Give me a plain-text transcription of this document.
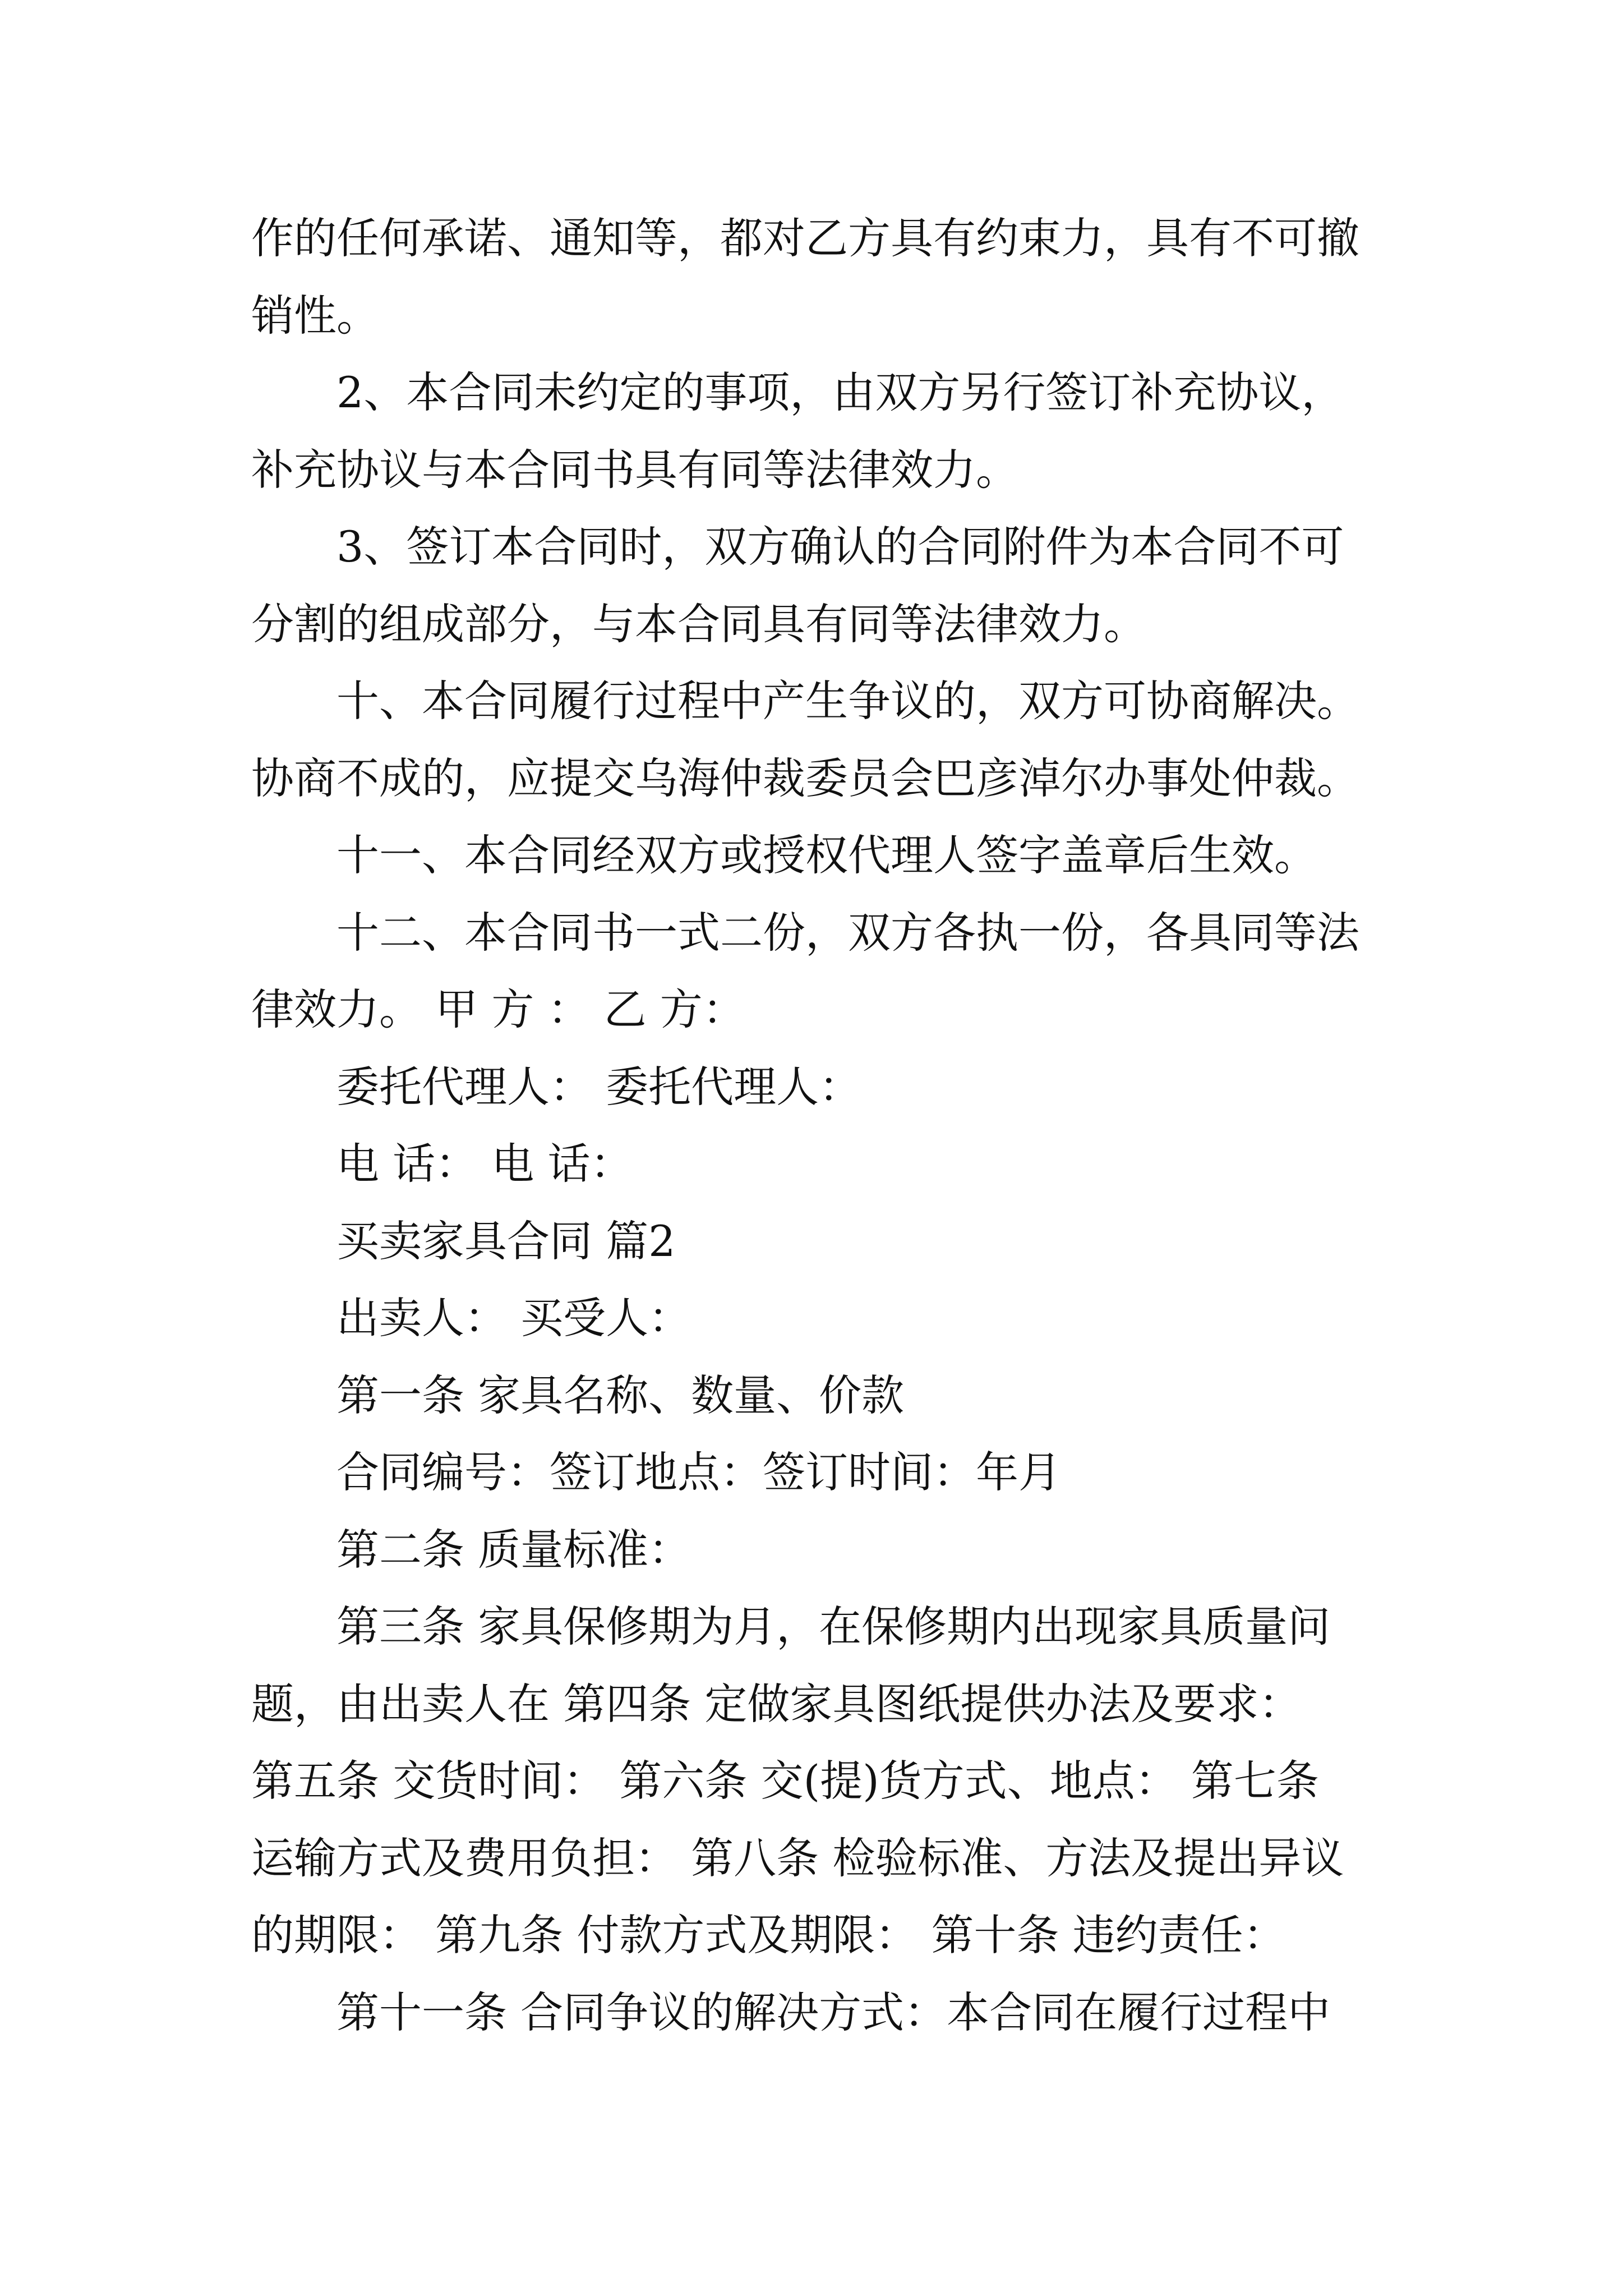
作的任何承诺、通知等，都对乙方具有约束力，具有不可撤
销性。
2、本合同未约定的事项，由双方另行签订补充协议，
补充协议与本合同书具有同等法律效力。
3、签订本合同时，双方确认的合同附件为本合同不可
分割的组成部分，与本合同具有同等法律效力。
十、本合同履行过程中产生争议的，双方可协商解决。
协商不成的，应提交乌海仲裁委员会巴彦淖尔办事处仲裁。
十一、本合同经双方或授权代理人签字盖章后生效。
十二、本合同书一式二份，双方各执一份，各具同等法
律效力。 甲 方 ： 乙 方：
委托代理人： 委托代理人：
电 话： 电 话：
买卖家具合同 篇2
出卖人： 买受人：
第一条 家具名称、数量、价款
合同编号：签订地点：签订时间：年月
第二条 质量标准：
第三条 家具保修期为月，在保修期内出现家具质量问
题，由出卖人在 第四条 定做家具图纸提供办法及要求：
第五条 交货时间： 第六条 交(提)货方式、地点： 第七条
运输方式及费用负担： 第八条 检验标准、方法及提出异议
的期限： 第九条 付款方式及期限： 第十条 违约责任：
第十一条 合同争议的解决方式：本合同在履行过程中
